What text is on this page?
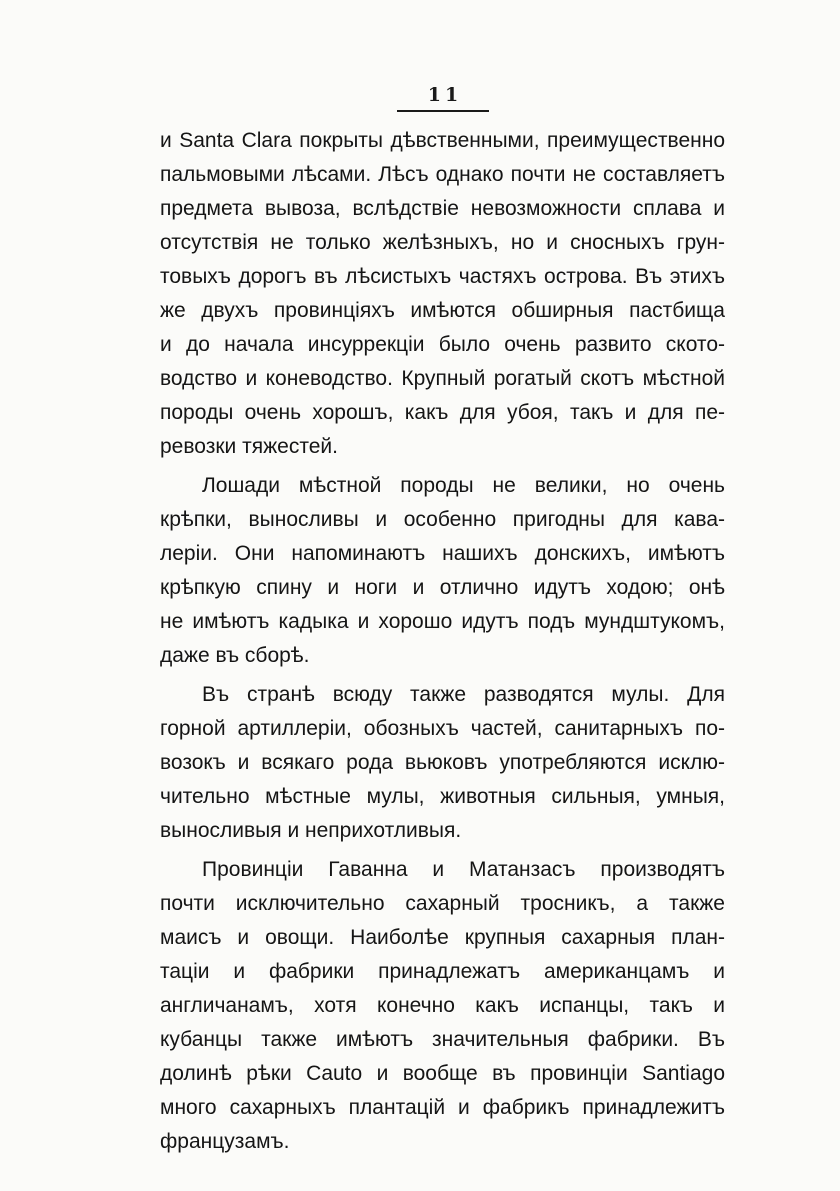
11
и Santa Clara покрыты дѣвственными, преимущественно
пальмовыми лѣсами. Лѣсъ однако почти не составляетъ
предмета вывоза, вслѣдствіе невозможности сплава и
отсутствія не только желѣзныхъ, но и сносныхъ грун-
товыхъ дорогъ въ лѣсистыхъ частяхъ острова. Въ этихъ
же двухъ провинціяхъ имѣются обширныя пастбища
и до начала инсуррекціи было очень развито ското-
водство и коневодство. Крупный рогатый скотъ мѣстной
породы очень хорошъ, какъ для убоя, такъ и для пе-
ревозки тяжестей.
Лошади мѣстной породы не велики, но очень
крѣпки, выносливы и особенно пригодны для кава-
леріи. Они напоминаютъ нашихъ донскихъ, имѣютъ
крѣпкую спину и ноги и отлично идутъ ходою; онѣ
не имѣютъ кадыка и хорошо идутъ подъ мундштукомъ,
даже въ сборѣ.
Въ странѣ всюду также разводятся мулы. Для
горной артиллеріи, обозныхъ частей, санитарныхъ по-
возокъ и всякаго рода вьюковъ употребляются исклю-
чительно мѣстные мулы, животныя сильныя, умныя,
выносливыя и неприхотливыя.
Провинціи Гаванна и Матанзасъ производятъ
почти исключительно сахарный тросникъ, а также
маисъ и овощи. Наиболѣе крупныя сахарныя план-
таціи и фабрики принадлежатъ американцамъ и
англичанамъ, хотя конечно какъ испанцы, такъ и
кубанцы также имѣютъ значительныя фабрики. Въ
долинѣ рѣки Cauto и вообще въ провинціи Santiago
много сахарныхъ плантацій и фабрикъ принадлежитъ
французамъ.
